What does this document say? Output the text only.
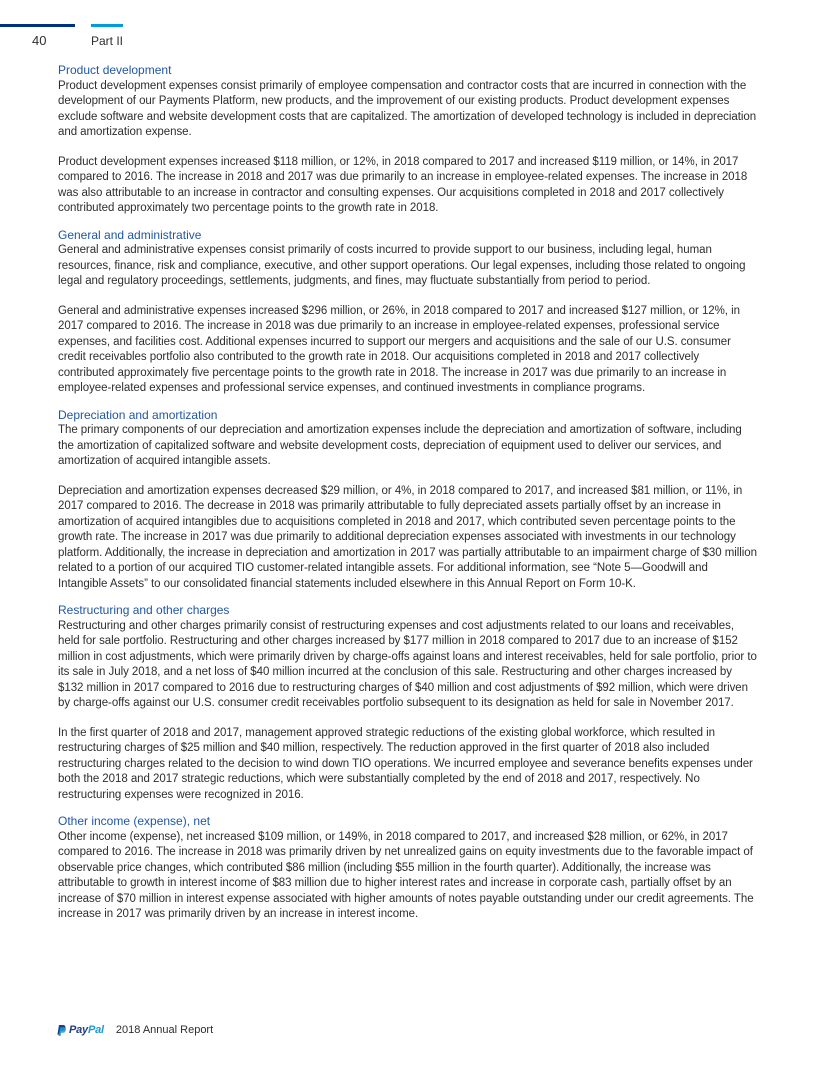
40	Part II
Product development

Product development expenses consist primarily of employee compensation and contractor costs that are incurred in connection with the development of our Payments Platform, new products, and the improvement of our existing products. Product development expenses exclude software and website development costs that are capitalized. The amortization of developed technology is included in depreciation and amortization expense.

Product development expenses increased $118 million, or 12%, in 2018 compared to 2017 and increased $119 million, or 14%, in 2017 compared to 2016. The increase in 2018 and 2017 was due primarily to an increase in employee-related expenses. The increase in 2018 was also attributable to an increase in contractor and consulting expenses. Our acquisitions completed in 2018 and 2017 collectively contributed approximately two percentage points to the growth rate in 2018.

General and administrative

General and administrative expenses consist primarily of costs incurred to provide support to our business, including legal, human resources, finance, risk and compliance, executive, and other support operations. Our legal expenses, including those related to ongoing legal and regulatory proceedings, settlements, judgments, and fines, may fluctuate substantially from period to period.

General and administrative expenses increased $296 million, or 26%, in 2018 compared to 2017 and increased $127 million, or 12%, in 2017 compared to 2016. The increase in 2018 was due primarily to an increase in employee-related expenses, professional service expenses, and facilities cost. Additional expenses incurred to support our mergers and acquisitions and the sale of our U.S. consumer credit receivables portfolio also contributed to the growth rate in 2018. Our acquisitions completed in 2018 and 2017 collectively contributed approximately five percentage points to the growth rate in 2018. The increase in 2017 was due primarily to an increase in employee-related expenses and professional service expenses, and continued investments in compliance programs.

Depreciation and amortization

The primary components of our depreciation and amortization expenses include the depreciation and amortization of software, including the amortization of capitalized software and website development costs, depreciation of equipment used to deliver our services, and amortization of acquired intangible assets.

Depreciation and amortization expenses decreased $29 million, or 4%, in 2018 compared to 2017, and increased $81 million, or 11%, in 2017 compared to 2016. The decrease in 2018 was primarily attributable to fully depreciated assets partially offset by an increase in amortization of acquired intangibles due to acquisitions completed in 2018 and 2017, which contributed seven percentage points to the growth rate. The increase in 2017 was due primarily to additional depreciation expenses associated with investments in our technology platform. Additionally, the increase in depreciation and amortization in 2017 was partially attributable to an impairment charge of $30 million related to a portion of our acquired TIO customer-related intangible assets. For additional information, see “Note 5—Goodwill and Intangible Assets” to our consolidated financial statements included elsewhere in this Annual Report on Form 10-K.

Restructuring and other charges

Restructuring and other charges primarily consist of restructuring expenses and cost adjustments related to our loans and receivables, held for sale portfolio. Restructuring and other charges increased by $177 million in 2018 compared to 2017 due to an increase of $152 million in cost adjustments, which were primarily driven by charge-offs against loans and interest receivables, held for sale portfolio, prior to its sale in July 2018, and a net loss of $40 million incurred at the conclusion of this sale. Restructuring and other charges increased by $132 million in 2017 compared to 2016 due to restructuring charges of $40 million and cost adjustments of $92 million, which were driven by charge-offs against our U.S. consumer credit receivables portfolio subsequent to its designation as held for sale in November 2017.

In the first quarter of 2018 and 2017, management approved strategic reductions of the existing global workforce, which resulted in restructuring charges of $25 million and $40 million, respectively. The reduction approved in the first quarter of 2018 also included restructuring charges related to the decision to wind down TIO operations. We incurred employee and severance benefits expenses under both the 2018 and 2017 strategic reductions, which were substantially completed by the end of 2018 and 2017, respectively. No restructuring expenses were recognized in 2016.

Other income (expense), net

Other income (expense), net increased $109 million, or 149%, in 2018 compared to 2017, and increased $28 million, or 62%, in 2017 compared to 2016. The increase in 2018 was primarily driven by net unrealized gains on equity investments due to the favorable impact of observable price changes, which contributed $86 million (including $55 million in the fourth quarter). Additionally, the increase was attributable to growth in interest income of $83 million due to higher interest rates and increase in corporate cash, partially offset by an increase of $70 million in interest expense associated with higher amounts of notes payable outstanding under our credit agreements. The increase in 2017 was primarily driven by an increase in interest income.

PayPal 2018 Annual Report
